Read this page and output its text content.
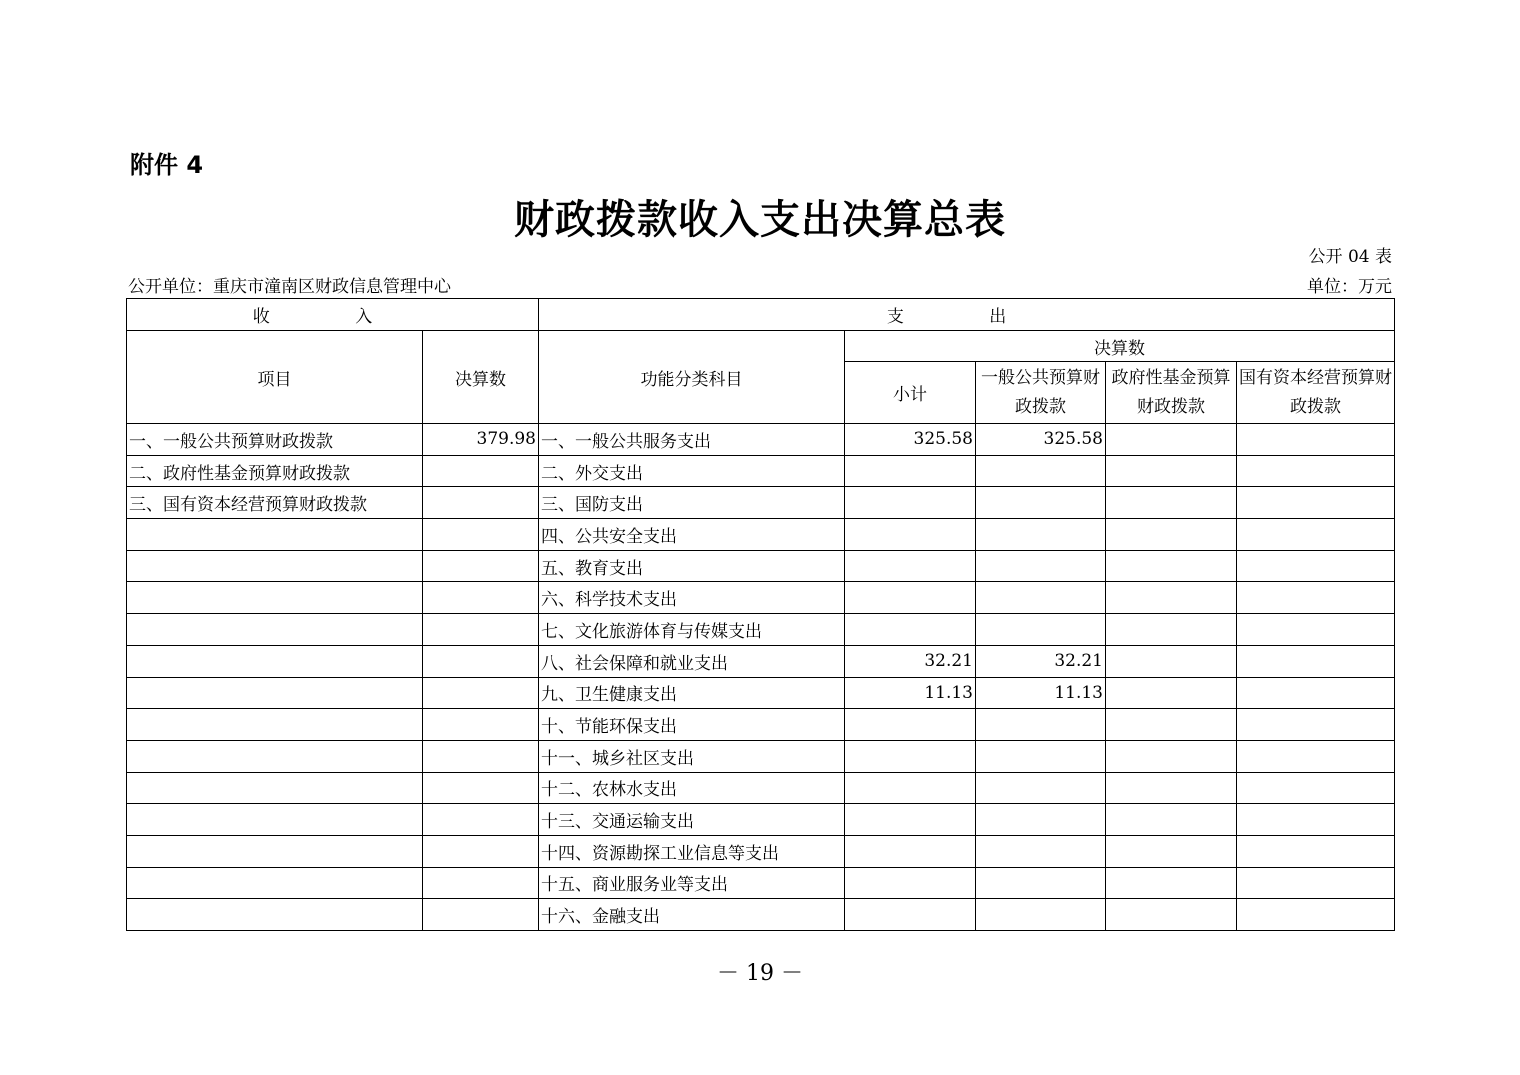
附件 4
财政拨款收入支出决算总表
公开 04 表
公开单位：重庆市潼南区财政信息管理中心	单位：万元
收 入		支 出				
项目	决算数	功能分类科目	决算数			
			小计	一般公共预算财政拨款	政府性基金预算财政拨款	国有资本经营预算财政拨款
一、一般公共预算财政拨款	379.98	一、一般公共服务支出	325.58	325.58		
二、政府性基金预算财政拨款		二、外交支出				
三、国有资本经营预算财政拨款		三、国防支出				
		四、公共安全支出				
		五、教育支出				
		六、科学技术支出				
		七、文化旅游体育与传媒支出				
		八、社会保障和就业支出	32.21	32.21		
		九、卫生健康支出	11.13	11.13		
		十、节能环保支出				
		十一、城乡社区支出				
		十二、农林水支出				
		十三、交通运输支出				
		十四、资源勘探工业信息等支出				
		十五、商业服务业等支出				
		十六、金融支出				
－ 19 －
